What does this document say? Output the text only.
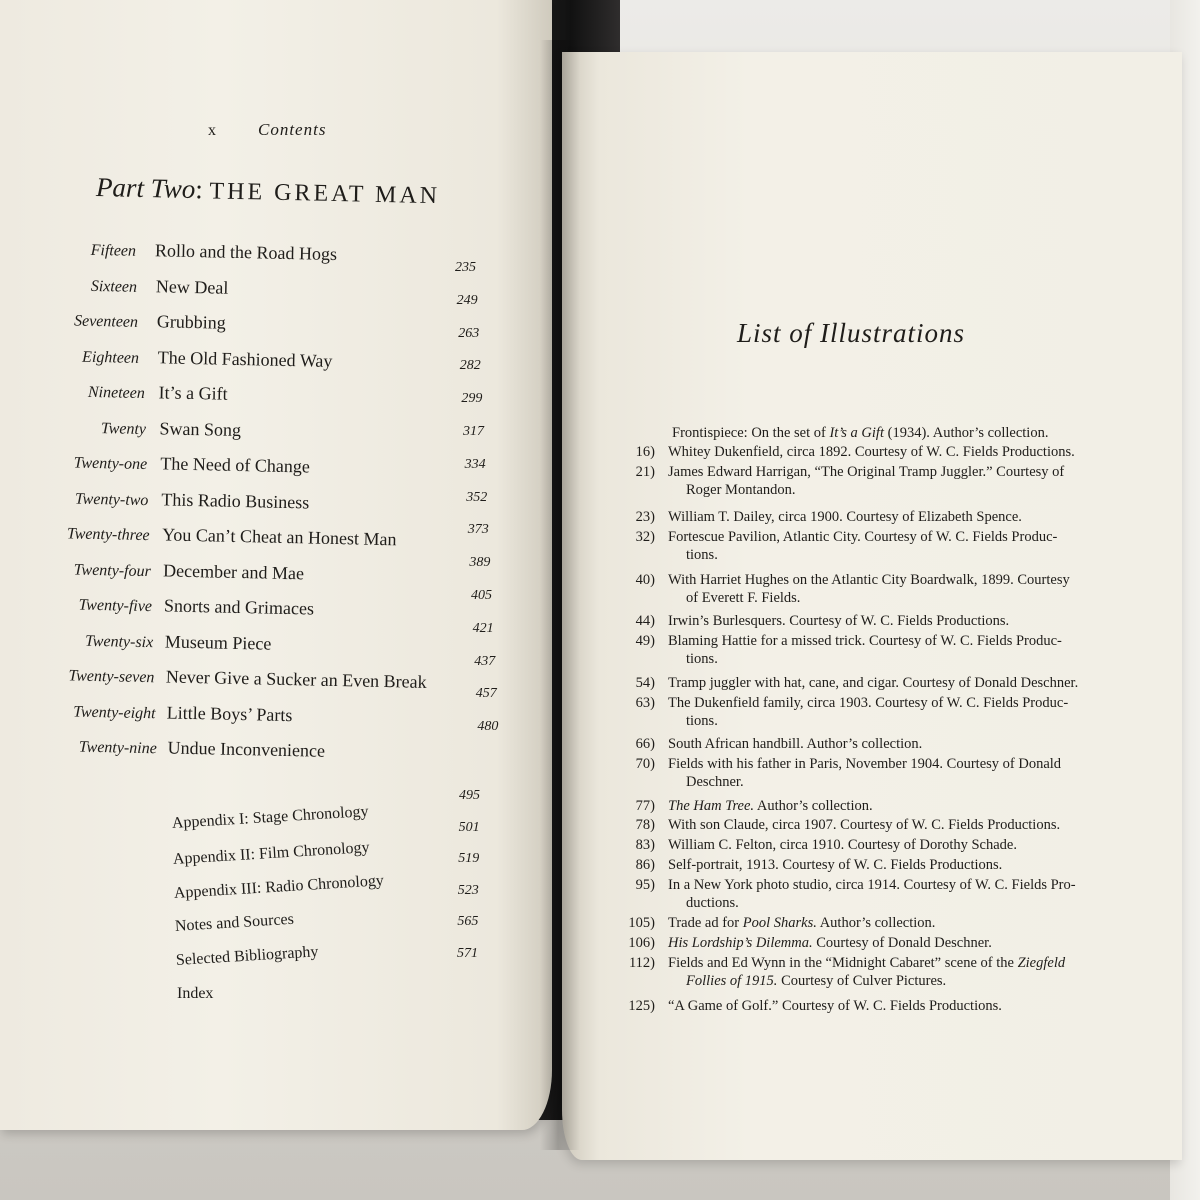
x Contents
Part Two: THE GREAT MAN
Fifteen Rollo and the Road Hogs
Sixteen New Deal
Seventeen Grubbing
Eighteen The Old Fashioned Way
Nineteen It’s a Gift
Twenty Swan Song
Twenty-one The Need of Change
Twenty-two This Radio Business
Twenty-three You Can’t Cheat an Honest Man
Twenty-four December and Mae
Twenty-five Snorts and Grimaces
Twenty-six Museum Piece
Twenty-seven Never Give a Sucker an Even Break
Twenty-eight Little Boys’ Parts
Twenty-nine Undue Inconvenience
235
249
263
282
299
317
334
352
373
389
405
421
437
457
480
Appendix I: Stage Chronology
Appendix II: Film Chronology
Appendix III: Radio Chronology
Notes and Sources
Selected Bibliography
Index
495
501
519
523
565
571
List of Illustrations
Frontispiece: On the set of It’s a Gift (1934). Author’s collection.
16) Whitey Dukenfield, circa 1892. Courtesy of W. C. Fields Productions.
21) James Edward Harrigan, “The Original Tramp Juggler.” Courtesy of
Roger Montandon.
23) William T. Dailey, circa 1900. Courtesy of Elizabeth Spence.
32) Fortescue Pavilion, Atlantic City. Courtesy of W. C. Fields Produc-
tions.
40) With Harriet Hughes on the Atlantic City Boardwalk, 1899. Courtesy
of Everett F. Fields.
44) Irwin’s Burlesquers. Courtesy of W. C. Fields Productions.
49) Blaming Hattie for a missed trick. Courtesy of W. C. Fields Produc-
tions.
54) Tramp juggler with hat, cane, and cigar. Courtesy of Donald Deschner.
63) The Dukenfield family, circa 1903. Courtesy of W. C. Fields Produc-
tions.
66) South African handbill. Author’s collection.
70) Fields with his father in Paris, November 1904. Courtesy of Donald
Deschner.
77) The Ham Tree. Author’s collection.
78) With son Claude, circa 1907. Courtesy of W. C. Fields Productions.
83) William C. Felton, circa 1910. Courtesy of Dorothy Schade.
86) Self-portrait, 1913. Courtesy of W. C. Fields Productions.
95) In a New York photo studio, circa 1914. Courtesy of W. C. Fields Pro-
ductions.
105) Trade ad for Pool Sharks. Author’s collection.
106) His Lordship’s Dilemma. Courtesy of Donald Deschner.
112) Fields and Ed Wynn in the “Midnight Cabaret” scene of the Ziegfeld
Follies of 1915. Courtesy of Culver Pictures.
125) “A Game of Golf.” Courtesy of W. C. Fields Productions.
